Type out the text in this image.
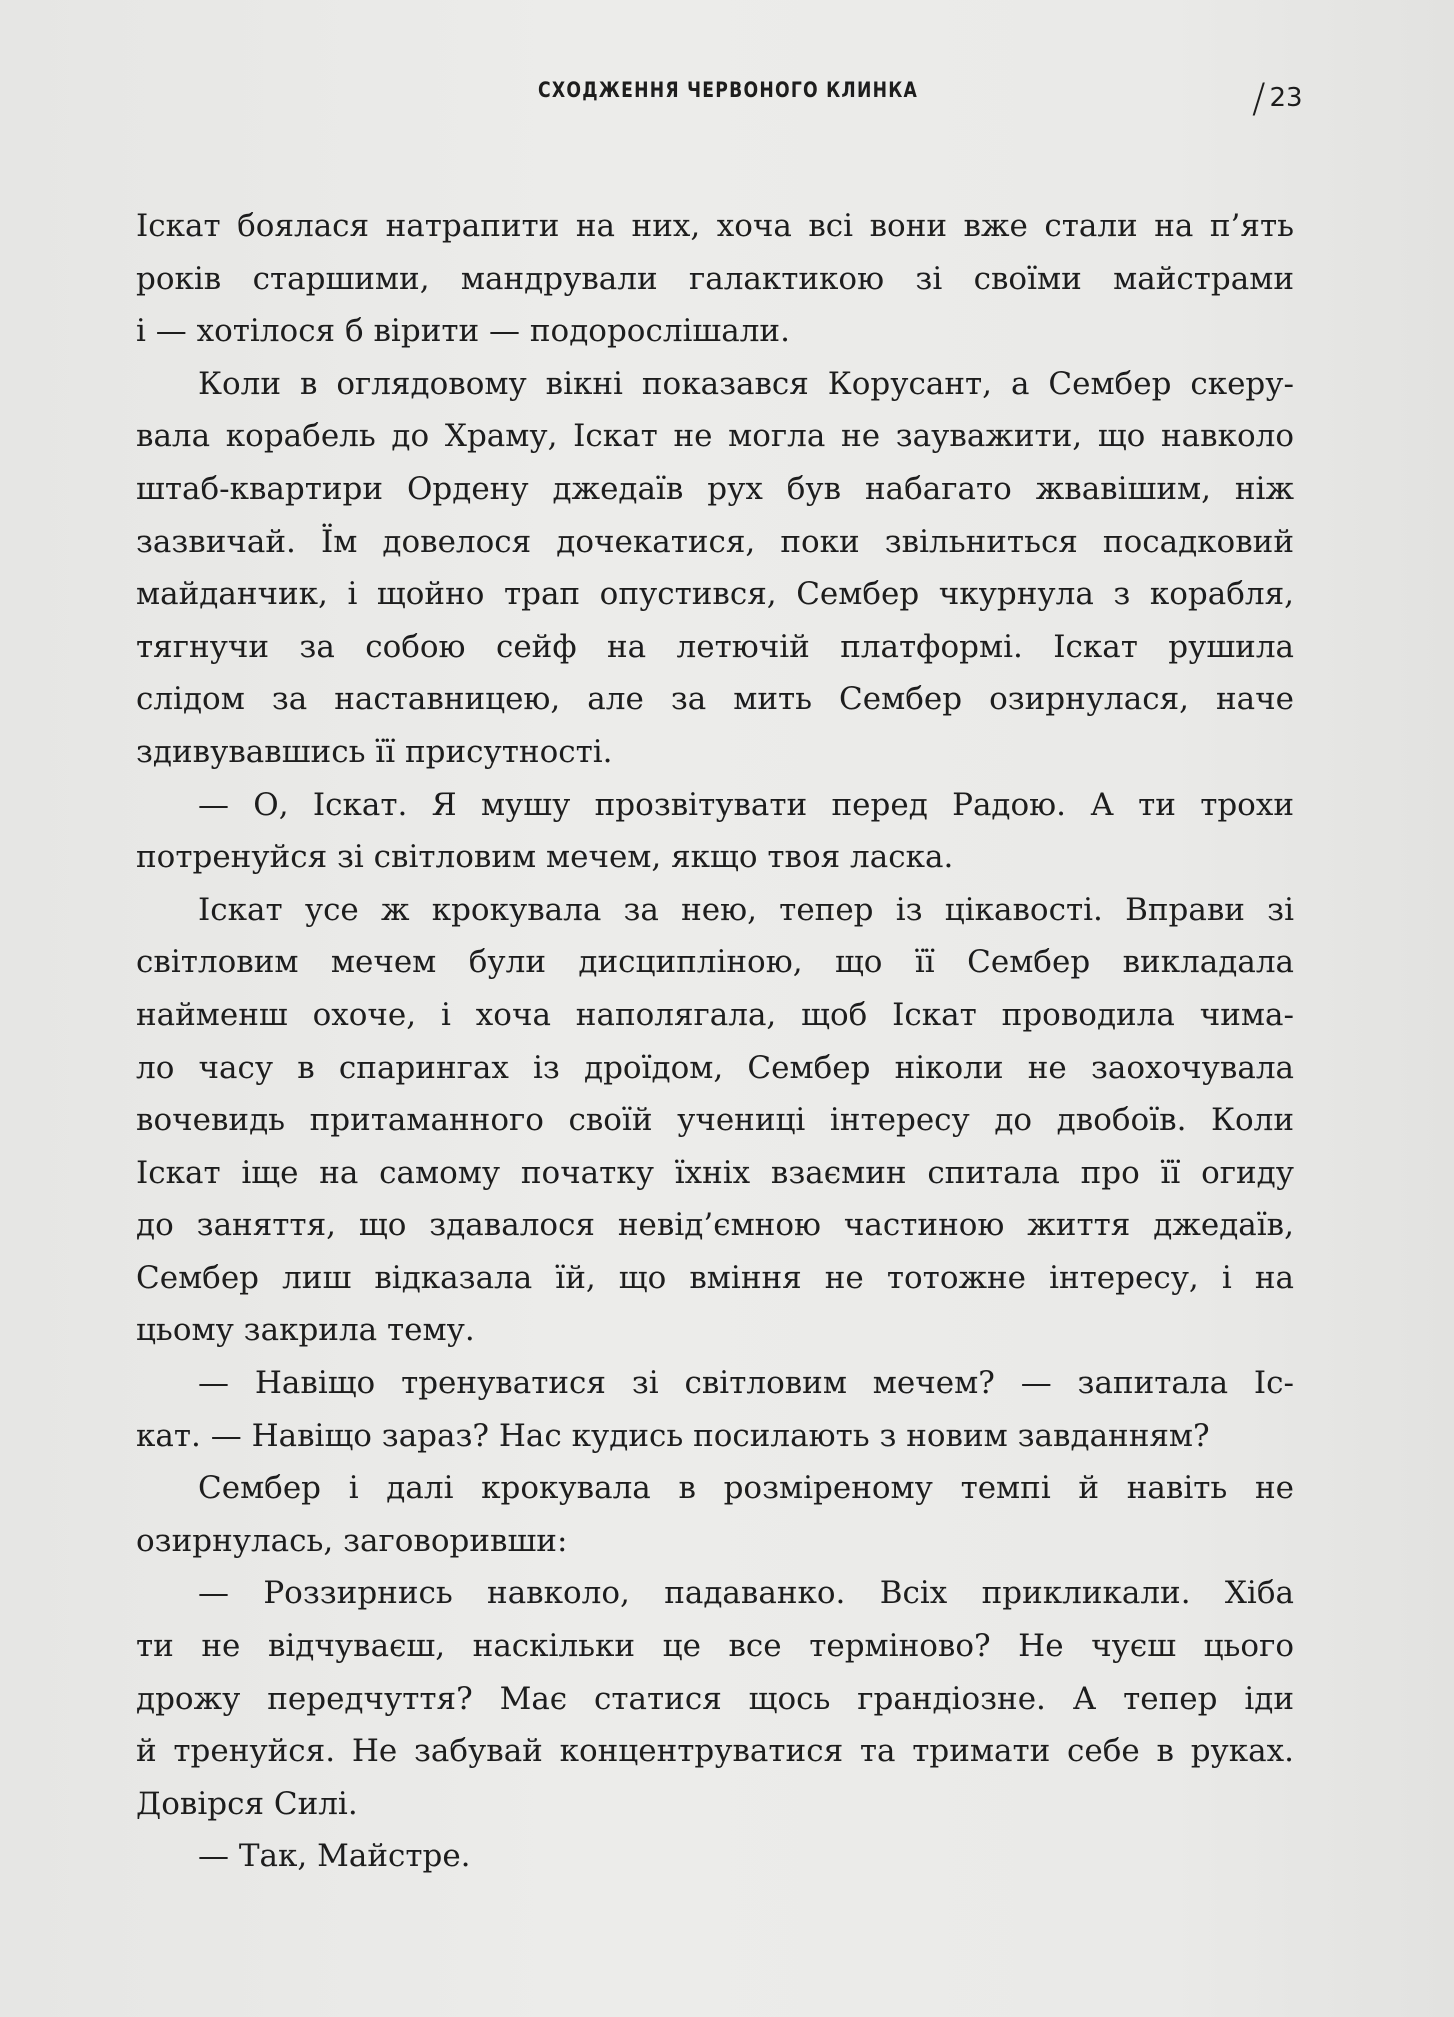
СХОДЖЕННЯ ЧЕРВОНОГО КЛИНКА	/ 23

Іскат боялася натрапити на них, хоча всі вони вже стали на п’ять

років старшими, мандрували галактикою зі своїми майстрами

і — хотілося б вірити — подорослішали.

Коли в оглядовому вікні показався Корусант, а Сембер скеру-

вала корабель до Храму, Іскат не могла не зауважити, що навколо

штаб-квартири Ордену джедаїв рух був набагато жвавішим, ніж

зазвичай. Їм довелося дочекатися, поки звільниться посадковий

майданчик, і щойно трап опустився, Сембер чкурнула з корабля,

тягнучи за собою сейф на летючій платформі. Іскат рушила

слідом за наставницею, але за мить Сембер озирнулася, наче

здивувавшись її присутності.

— О, Іскат. Я мушу прозвітувати перед Радою. А ти трохи

потренуйся зі світловим мечем, якщо твоя ласка.

Іскат усе ж крокувала за нею, тепер із цікавості. Вправи зі

світловим мечем були дисципліною, що її Сембер викладала

найменш охоче, і хоча наполягала, щоб Іскат проводила чима-

ло часу в спарингах із дроїдом, Сембер ніколи не заохочувала

вочевидь притаманного своїй учениці інтересу до двобоїв. Коли

Іскат іще на самому початку їхніх взаємин спитала про її огиду

до заняття, що здавалося невід’ємною частиною життя джедаїв,

Сембер лиш відказала їй, що вміння не тотожне інтересу, і на

цьому закрила тему.

— Навіщо тренуватися зі світловим мечем? — запитала Іс-

кат. — Навіщо зараз? Нас кудись посилають з новим завданням?

Сембер і далі крокувала в розміреному темпі й навіть не

озирнулась, заговоривши:

— Роззирнись навколо, падаванко. Всіх прикликали. Хіба

ти не відчуваєш, наскільки це все терміново? Не чуєш цього

дрожу передчуття? Має статися щось грандіозне. А тепер іди

й тренуйся. Не забувай концентруватися та тримати себе в руках.

Довірся Силі.

— Так, Майстре.
